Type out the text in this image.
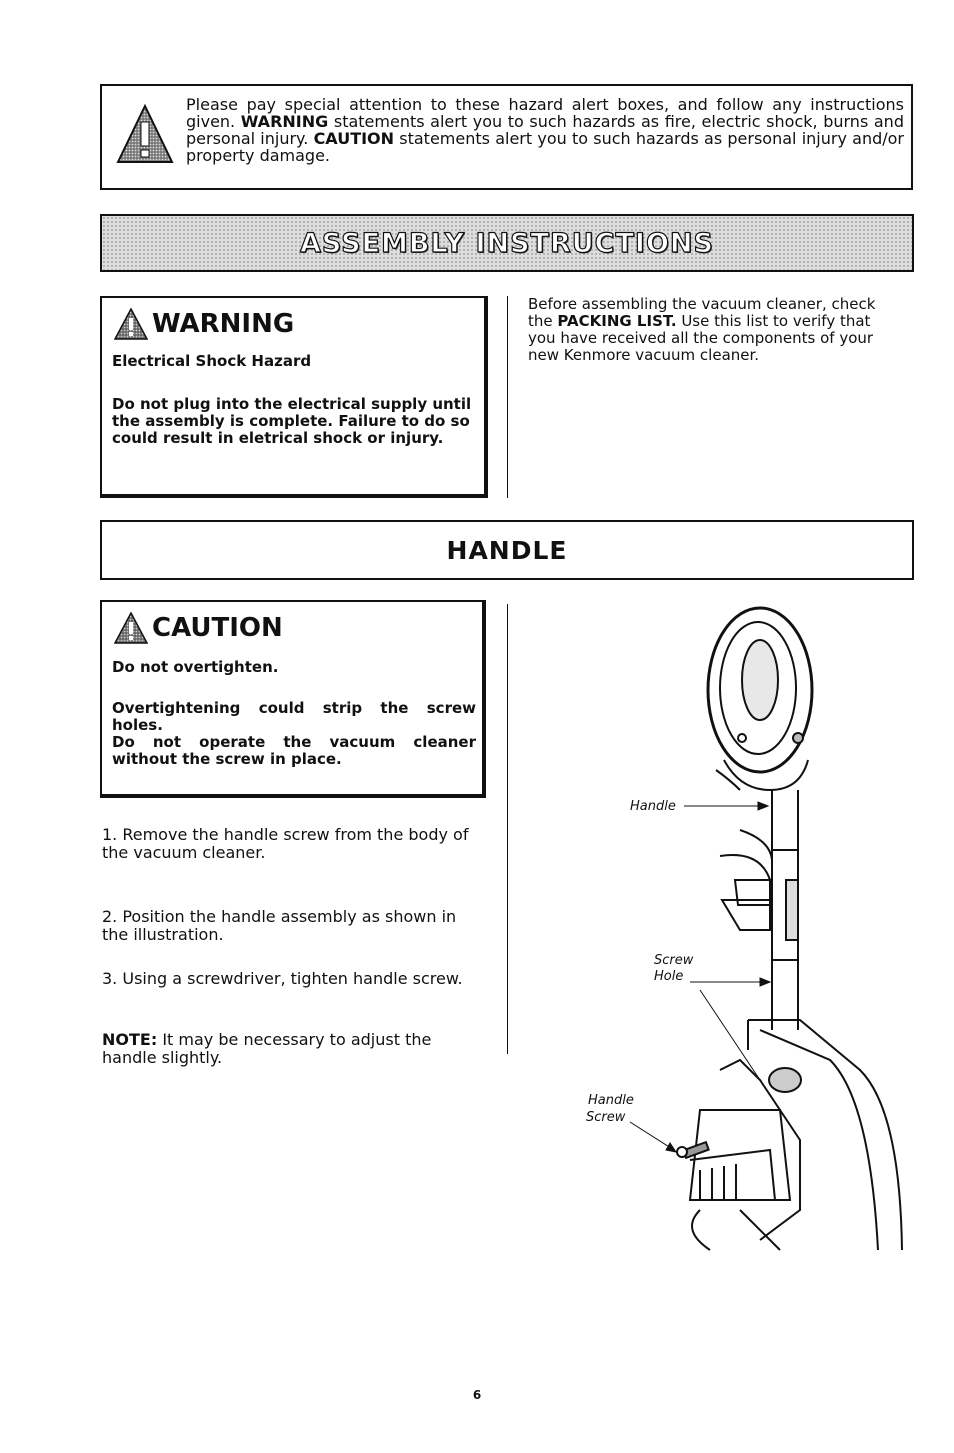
Please pay special attention to these hazard alert boxes, and follow any instructions given. WARNING statements alert you to such hazards as fire, electric shock, burns and personal injury. CAUTION statements alert you to such hazards as personal injury and/or property damage.
ASSEMBLY INSTRUCTIONS
WARNING
Electrical Shock Hazard
Do not plug into the electrical supply until the assembly is complete. Failure to do so could result in eletrical shock or injury.
Before assembling the vacuum cleaner, check the PACKING LIST. Use this list to verify that you have received all the components of your new Kenmore vacuum cleaner.
HANDLE
CAUTION
Do not overtighten.
Overtightening could strip the screw holes.
Do not operate the vacuum cleaner without the screw in place.
1. Remove the handle screw from the body of the vacuum cleaner.
2. Position the handle assembly as shown in the illustration.
3. Using a screwdriver, tighten handle screw.
NOTE: It may be necessary to adjust the handle slightly.
Handle
Screw
Hole
Handle
Screw
6
